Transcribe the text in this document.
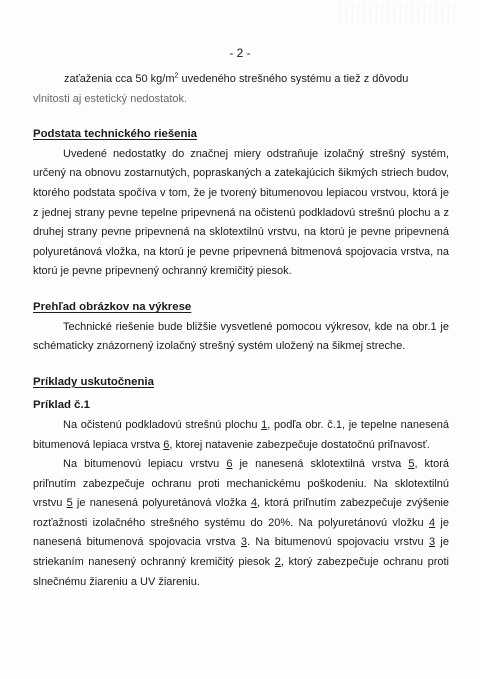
- 2 -

zaťaženia cca 50 $kg/m^2$ uvedeného strešného systému a tiež z dôvodu
vlnitosti aj estetický nedostatok.

Podstata technického riešenia

Uvedené nedostatky do značnej miery odstraňuje izolačný strešný systém, určený na obnovu zostarnutých, popraskaných a zatekajúcich šikmých striech budov, ktorého podstata spočíva v tom, že je tvorený bitumenovou lepiacou vrstvou, ktorá je z jednej strany pevne tepelne pripevnená na očistenú podkladovú strešnú plochu a z druhej strany pevne pripevnená na sklotextilnú vrstvu, na ktorú je pevne pripevnená polyuretánová vložka, na ktorú je pevne pripevnená bitmenová spojovacia vrstva, na ktorú je pevne pripevnený ochranný kremičitý piesok.

Prehľad obrázkov na výkrese

Technické riešenie bude bližšie vysvetlené pomocou výkresov, kde na obr.1 je schématicky znázornený izolačný strešný systém uložený na šikmej streche.

Príklady uskutočnenia
Príklad č.1

Na očistenú podkladovú strešnú plochu 1, podľa obr. č.1, je tepelne nanesená bitumenová lepiaca vrstva 6, ktorej natavenie zabezpečuje dostatočnú priľnavosť.

Na bitumenovú lepiacu vrstvu 6 je nanesená sklotextilná vrstva 5, ktorá priľnutím zabezpečuje ochranu proti mechanickému poškodeniu. Na sklotextilnú vrstvu 5 je nanesená polyuretánová vložka 4, ktorá priľnutím zabezpečuje zvýšenie rozťažnosti izolačného strešného systému do 20%. Na polyuretánovú vložku 4 je nanesená bitumenová spojovacia vrstva 3. Na bitumenovú spojovaciu vrstvu 3 je striekaním nanesený ochranný kremičitý piesok 2, ktorý zabezpečuje ochranu proti slnečnému žiareniu a UV žiareniu.
